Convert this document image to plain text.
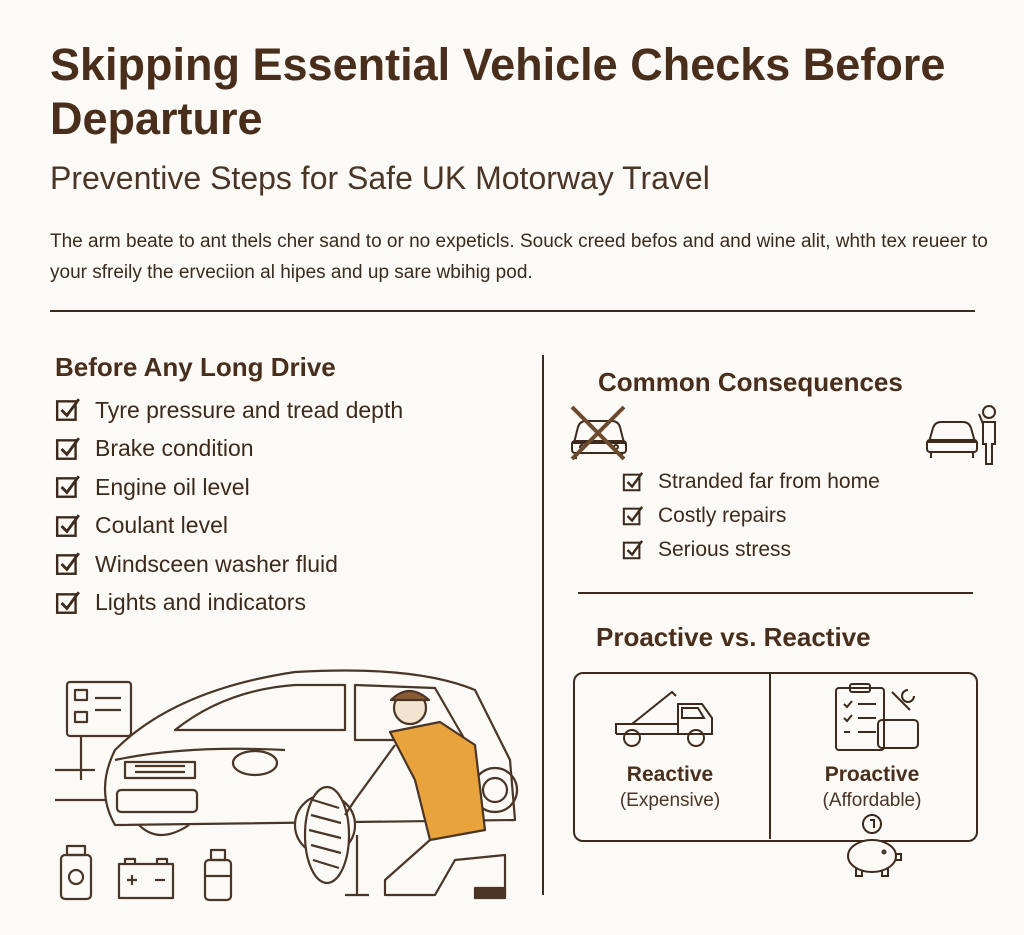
Skipping Essential Vehicle Checks Before Departure
Preventive Steps for Safe UK Motorway Travel
The arm beate to ant thels cher sand to or no expeticls. Souck creed befos and and wine alit, whth tex reueer to your sfreily the erveciion al hipes and up sare wbihig pod.
Before Any Long Drive
Tyre pressure and tread depth
Brake condition
Engine oil level
Coulant level
Windsceen washer fluid
Lights and indicators
Common Consequences
Stranded far from home
Costly repairs
Serious stress
Proactive vs. Reactive
Reactive
(Expensive)
Proactive
(Affordable)
